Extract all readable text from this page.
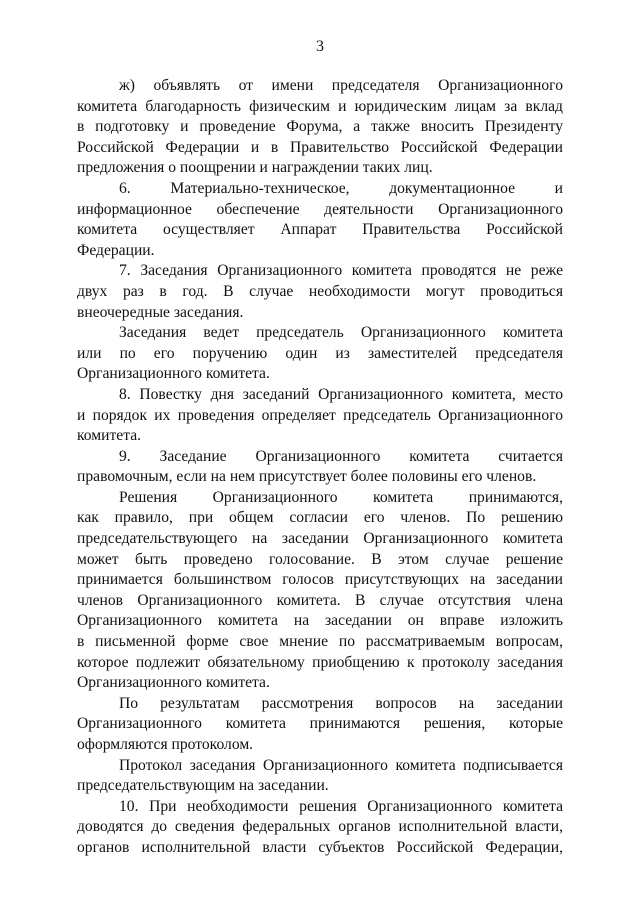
3
ж) объявлять от имени председателя Организационного
комитета благодарность физическим и юридическим лицам за вклад
в подготовку и проведение Форума, а также вносить Президенту
Российской Федерации и в Правительство Российской Федерации
предложения о поощрении и награждении таких лиц.
6. Материально-техническое, документационное и
информационное обеспечение деятельности Организационного
комитета осуществляет Аппарат Правительства Российской
Федерации.
7. Заседания Организационного комитета проводятся не реже
двух раз в год. В случае необходимости могут проводиться
внеочередные заседания.
Заседания ведет председатель Организационного комитета
или по его поручению один из заместителей председателя
Организационного комитета.
8. Повестку дня заседаний Организационного комитета, место
и порядок их проведения определяет председатель Организационного
комитета.
9. Заседание Организационного комитета считается
правомочным, если на нем присутствует более половины его членов.
Решения Организационного комитета принимаются,
как правило, при общем согласии его членов. По решению
председательствующего на заседании Организационного комитета
может быть проведено голосование. В этом случае решение
принимается большинством голосов присутствующих на заседании
членов Организационного комитета. В случае отсутствия члена
Организационного комитета на заседании он вправе изложить
в письменной форме свое мнение по рассматриваемым вопросам,
которое подлежит обязательному приобщению к протоколу заседания
Организационного комитета.
По результатам рассмотрения вопросов на заседании
Организационного комитета принимаются решения, которые
оформляются протоколом.
Протокол заседания Организационного комитета подписывается
председательствующим на заседании.
10. При необходимости решения Организационного комитета
доводятся до сведения федеральных органов исполнительной власти,
органов исполнительной власти субъектов Российской Федерации,
